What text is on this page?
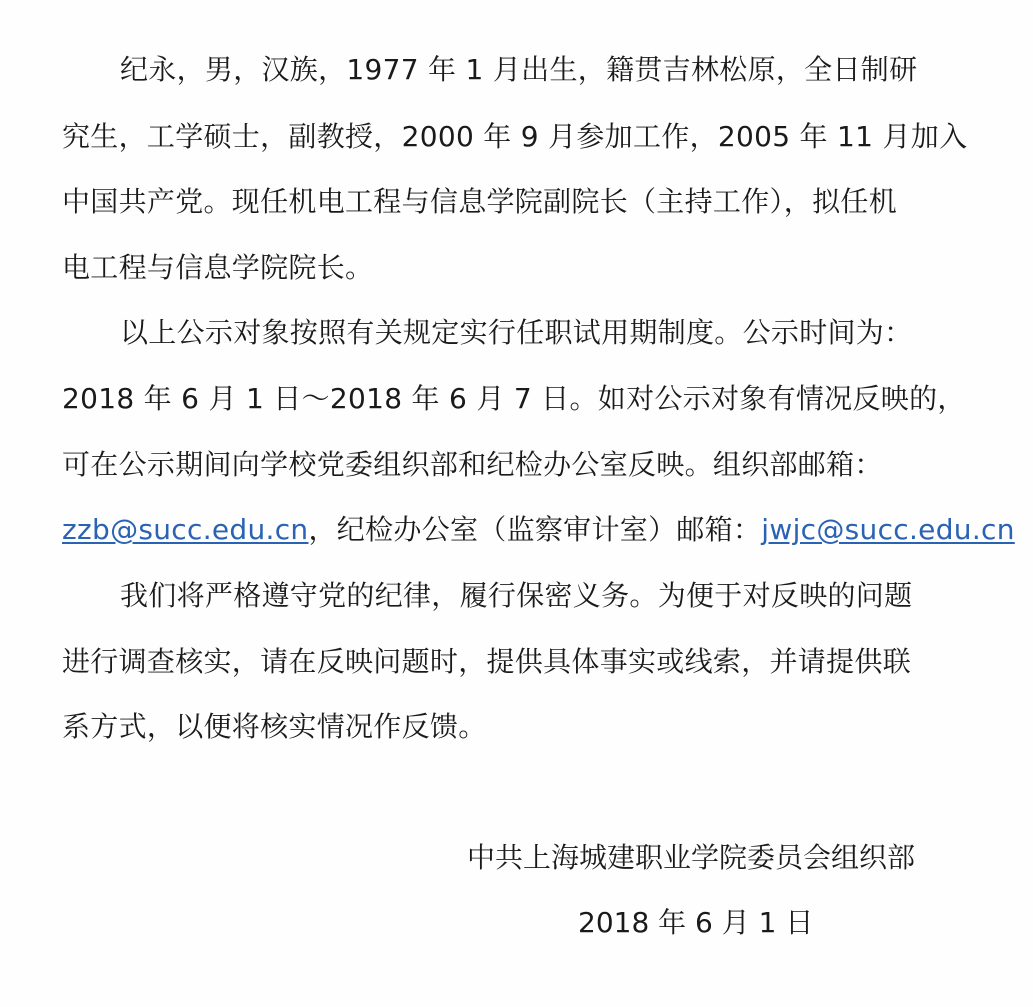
纪永，男，汉族，1977 年 1 月出生，籍贯吉林松原，全日制研
究生，工学硕士，副教授，2000 年 9 月参加工作，2005 年 11 月加入
中国共产党。现任机电工程与信息学院副院长（主持工作），拟任机
电工程与信息学院院长。
以上公示对象按照有关规定实行任职试用期制度。公示时间为：
2018 年 6 月 1 日～2018 年 6 月 7 日。如对公示对象有情况反映的，
可在公示期间向学校党委组织部和纪检办公室反映。组织部邮箱：
zzb@succ.edu.cn，纪检办公室（监察审计室）邮箱：jwjc@succ.edu.cn
我们将严格遵守党的纪律，履行保密义务。为便于对反映的问题
进行调查核实，请在反映问题时，提供具体事实或线索，并请提供联
系方式，以便将核实情况作反馈。
中共上海城建职业学院委员会组织部
2018 年 6 月 1 日
